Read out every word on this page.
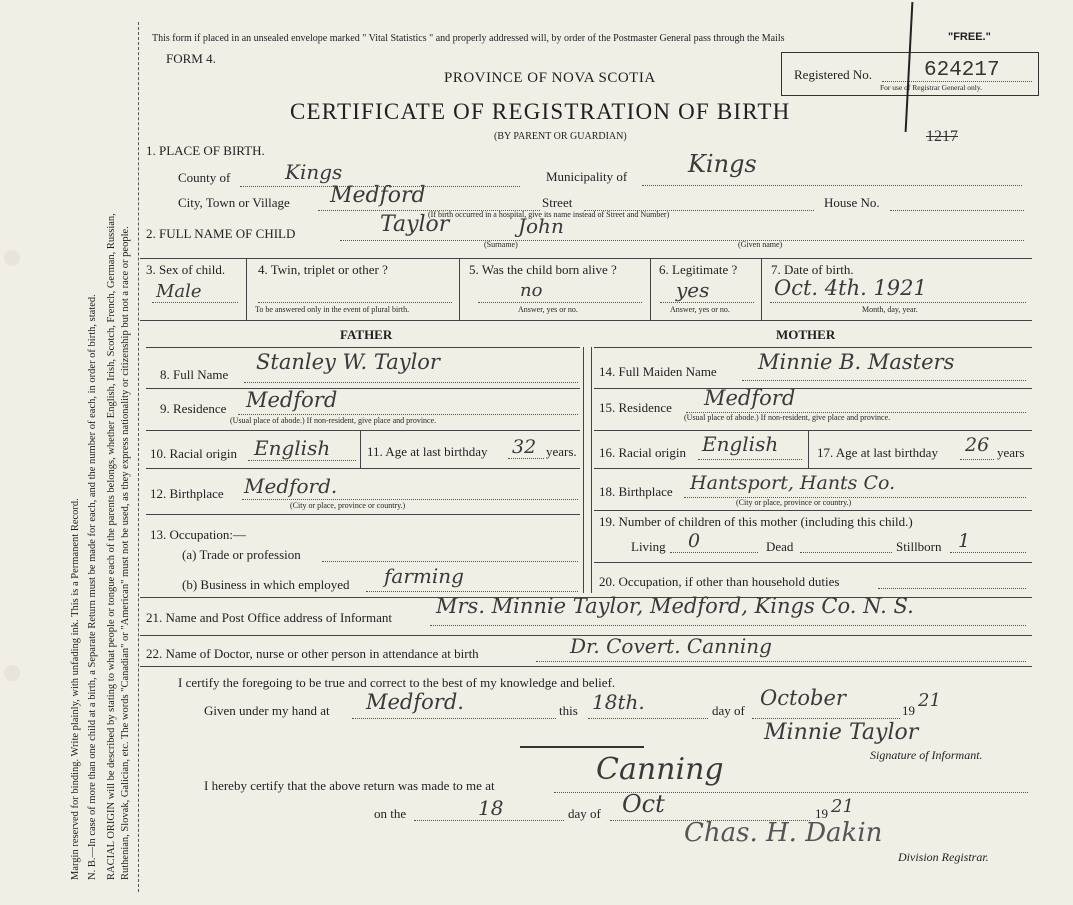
Margin reserved for binding. Write plainly, with unfading ink. This is a Permanent Record. N. B.—In case of more than one child at a birth, a Separate Return must be made for each, and the number of each, in order of birth, stated. RACIAL ORIGIN will be described by stating to what people or tongue each of the parents belongs, whether English, Irish, Scotch, French, German, Russian, Ruthenian, Slovak, Galician, etc. The words "Canadian" or "American" must not be used, as they express nationality or citizenship but not a race or people.
This form if placed in an unsealed envelope marked " Vital Statistics " and properly addressed will, by order of the Postmaster General pass through the Mails	"FREE."
FORM 4.
PROVINCE OF NOVA SCOTIA
CERTIFICATE OF REGISTRATION OF BIRTH
(BY PARENT OR GUARDIAN)
Registered No. 624217
For use of Registrar General only.
1217
1. PLACE OF BIRTH.
County of	Kings	Municipality of	Kings
City, Town or Village Medford	Street	House No.
(If birth occurred in a hospital, give its name instead of Street and Number)
2. FULL NAME OF CHILD	Taylor	John
(Surname)	(Given name)
3. Sex of child.
Male
4. Twin, triplet or other ?
To be answered only in the event of plural birth.
5. Was the child born alive ?
no
Answer, yes or no.
6. Legitimate ?
yes
Answer, yes or no.
7. Date of birth.
Oct. 4th. 1921
Month, day, year.
FATHER	MOTHER
8. Full Name
Stanley W. Taylor
9. Residence Medford
(Usual place of abode.) If non-resident, give place and province.
10. Racial origin English	11. Age at last birthday 32 years.
12. Birthplace Medford.
(City or place, province or country.)
13. Occupation:—
(a) Trade or profession
(b) Business in which employed farming
14. Full Maiden Name Minnie B. Masters
15. Residence Medford
(Usual place of abode.) If non-resident, give place and province.
16. Racial origin English	17. Age at last birthday 26 years
18. Birthplace Hantsport, Hants Co.
(City or place, province or country.)
19. Number of children of this mother (including this child.)
Living 0	Dead	Stillborn 1
20. Occupation, if other than household duties
21. Name and Post Office address of Informant Mrs. Minnie Taylor, Medford, Kings Co. N. S.
22. Name of Doctor, nurse or other person in attendance at birth	Dr. Covert. Canning
I certify the foregoing to be true and correct to the best of my knowledge and belief.
Given under my hand at Medford.	this 18th.	day of
October
19 21
Minnie Taylor
Signature of Informant.
I hereby certify that the above return was made to me at	Canning
on the	18	day of Oct	19 21
Chas. H. Dakin
Division Registrar.
